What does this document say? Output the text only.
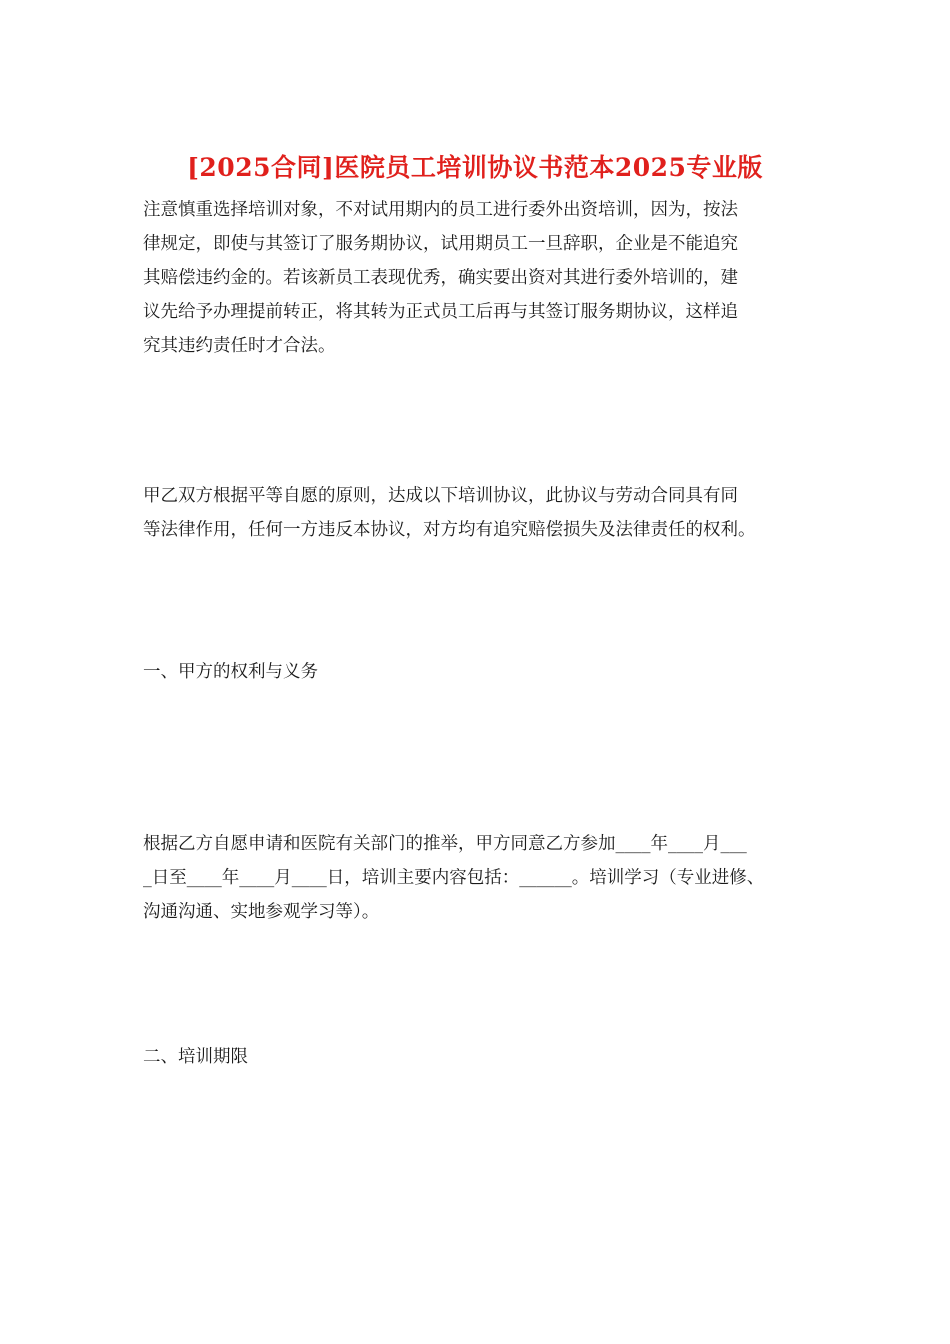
[2025合同]医院员工培训协议书范本2025专业版

注意慎重选择培训对象，不对试用期内的员工进行委外出资培训，因为，按法
律规定，即使与其签订了服务期协议，试用期员工一旦辞职，企业是不能追究
其赔偿违约金的。若该新员工表现优秀，确实要出资对其进行委外培训的，建
议先给予办理提前转正，将其转为正式员工后再与其签订服务期协议，这样追
究其违约责任时才合法。

甲乙双方根据平等自愿的原则，达成以下培训协议，此协议与劳动合同具有同
等法律作用，任何一方违反本协议，对方均有追究赔偿损失及法律责任的权利。

一、甲方的权利与义务

根据乙方自愿申请和医院有关部门的推举，甲方同意乙方参加____年____月___
_日至____年____月____日，培训主要内容包括：______。培训学习（专业进修、
沟通沟通、实地参观学习等）。

二、培训期限
